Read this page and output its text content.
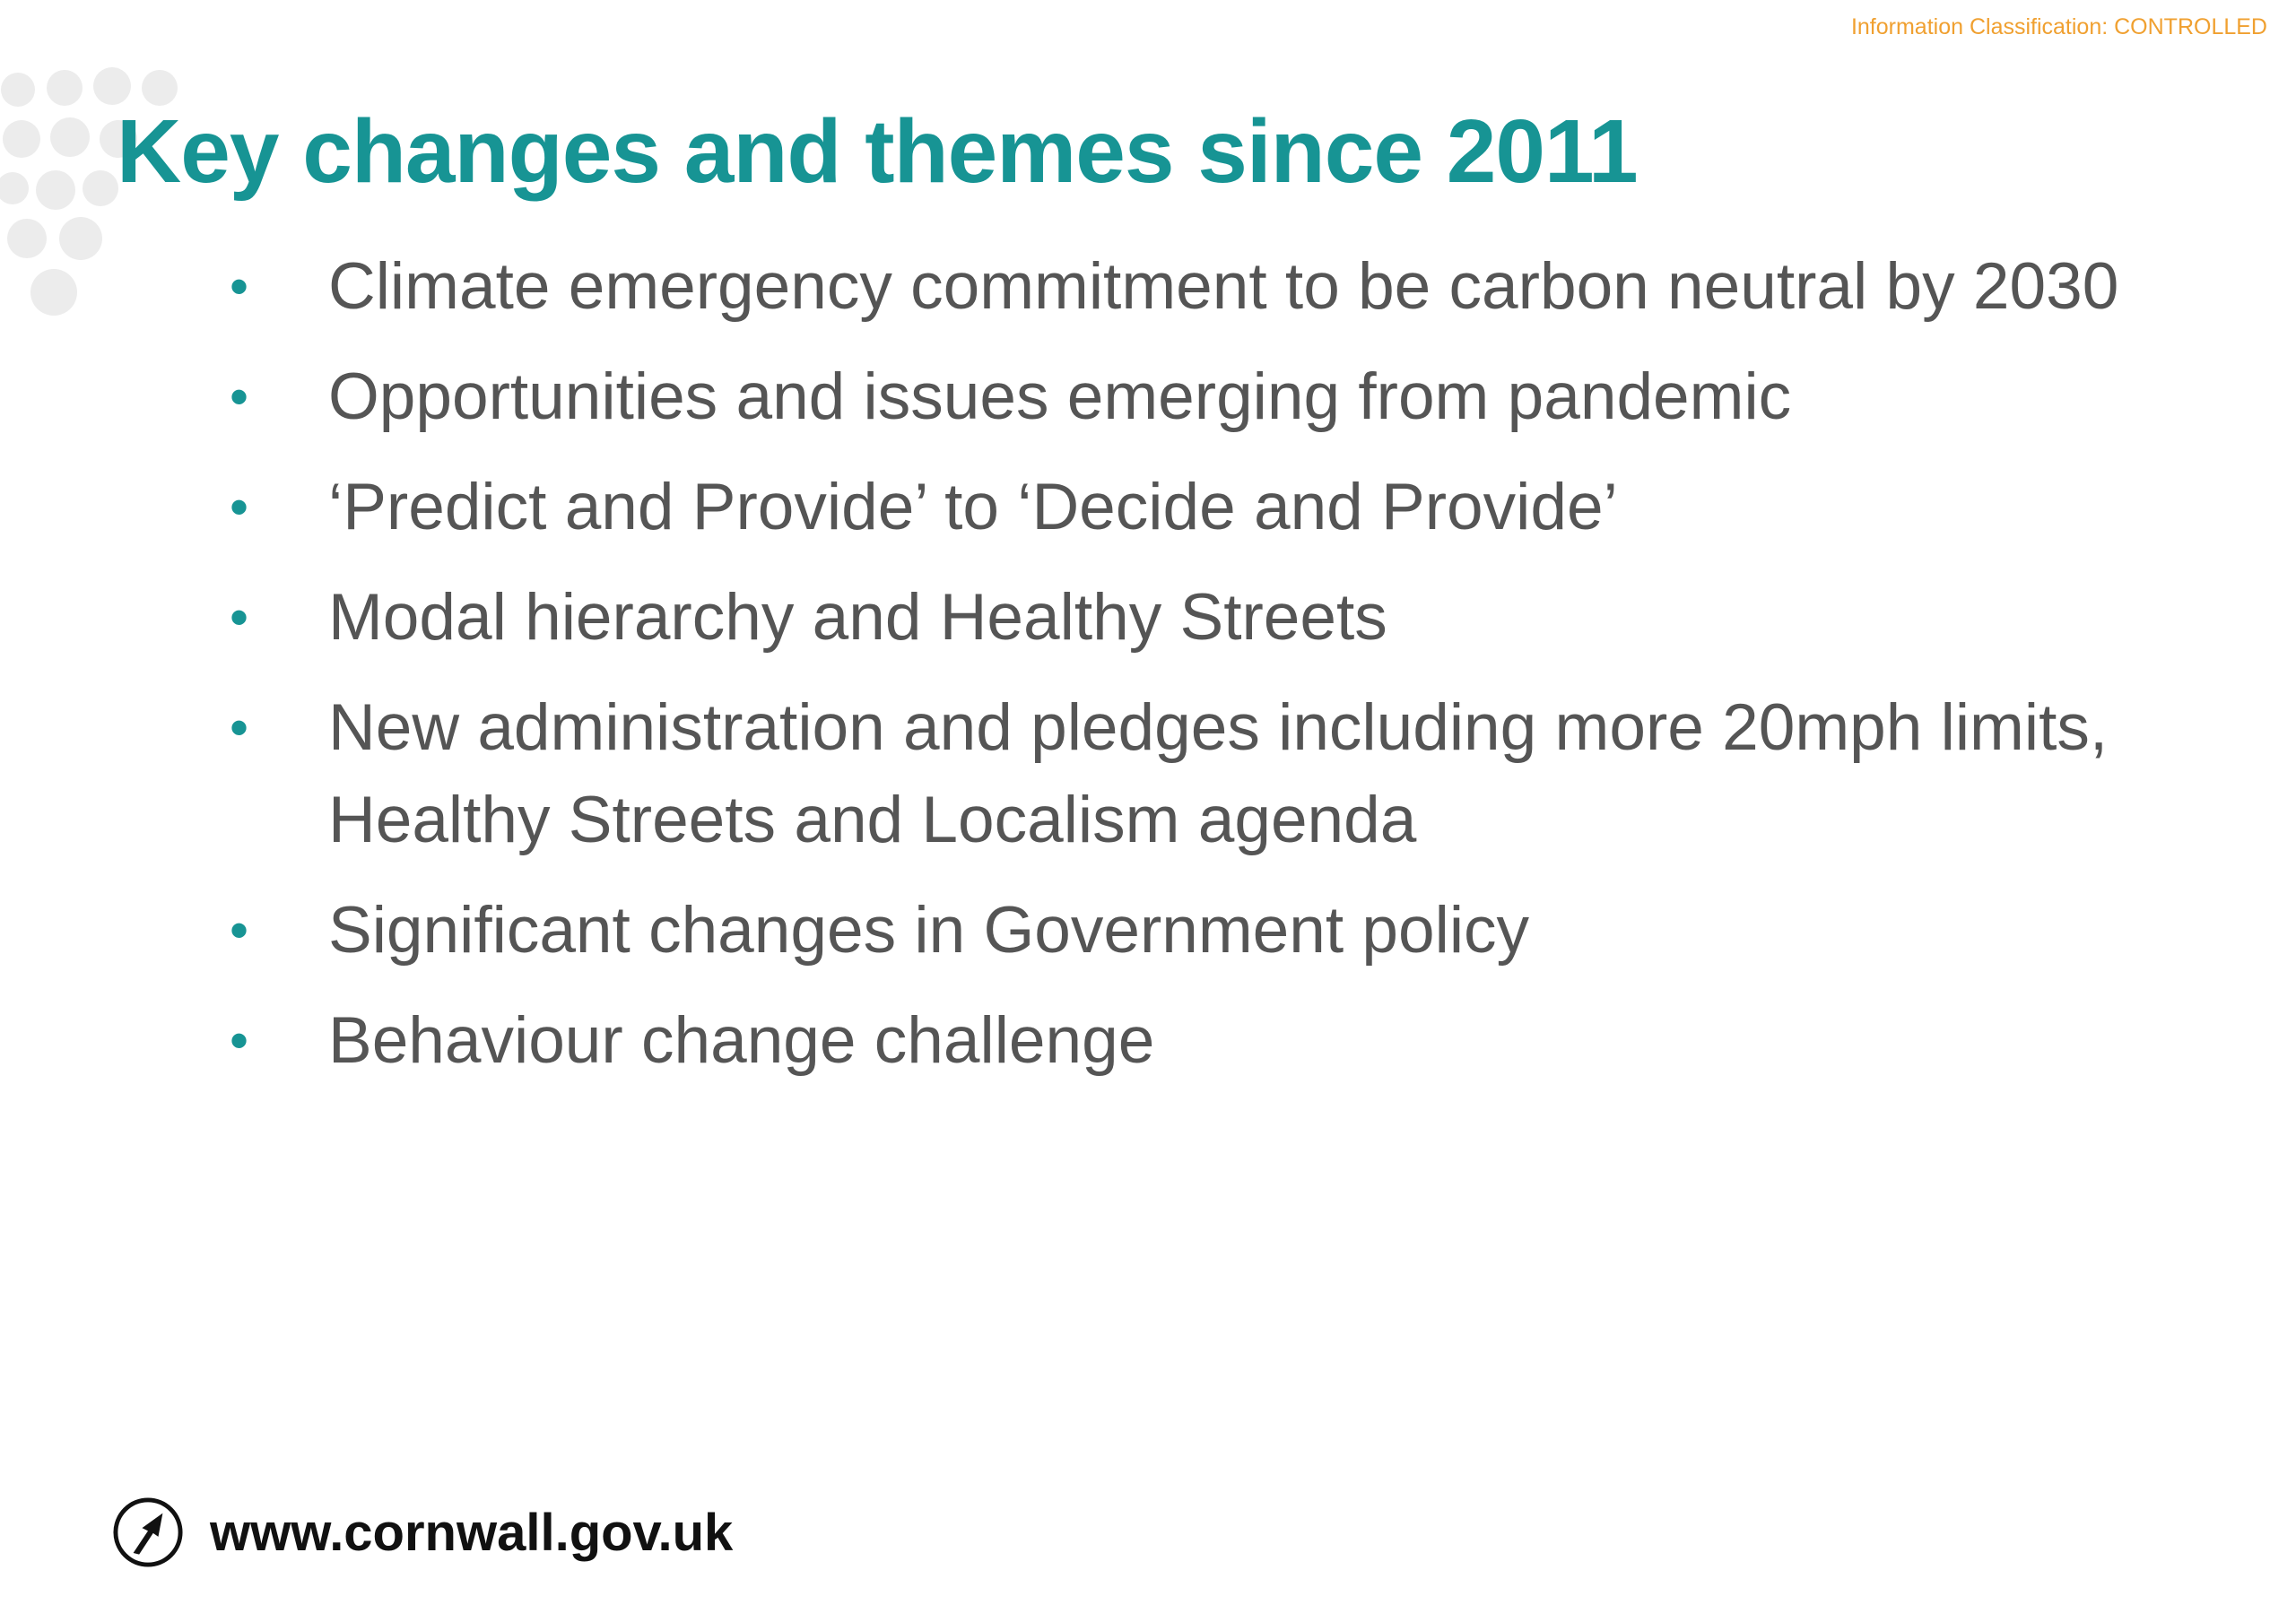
Information Classification: CONTROLLED
Key changes and themes since 2011
• Climate emergency commitment to be carbon neutral by 2030
• Opportunities and issues emerging from pandemic
• ‘Predict and Provide’ to ‘Decide and Provide’
• Modal hierarchy and Healthy Streets
• New administration and pledges including more 20mph limits, Healthy Streets and Localism agenda
• Significant changes in Government policy
• Behaviour change challenge
www.cornwall.gov.uk
